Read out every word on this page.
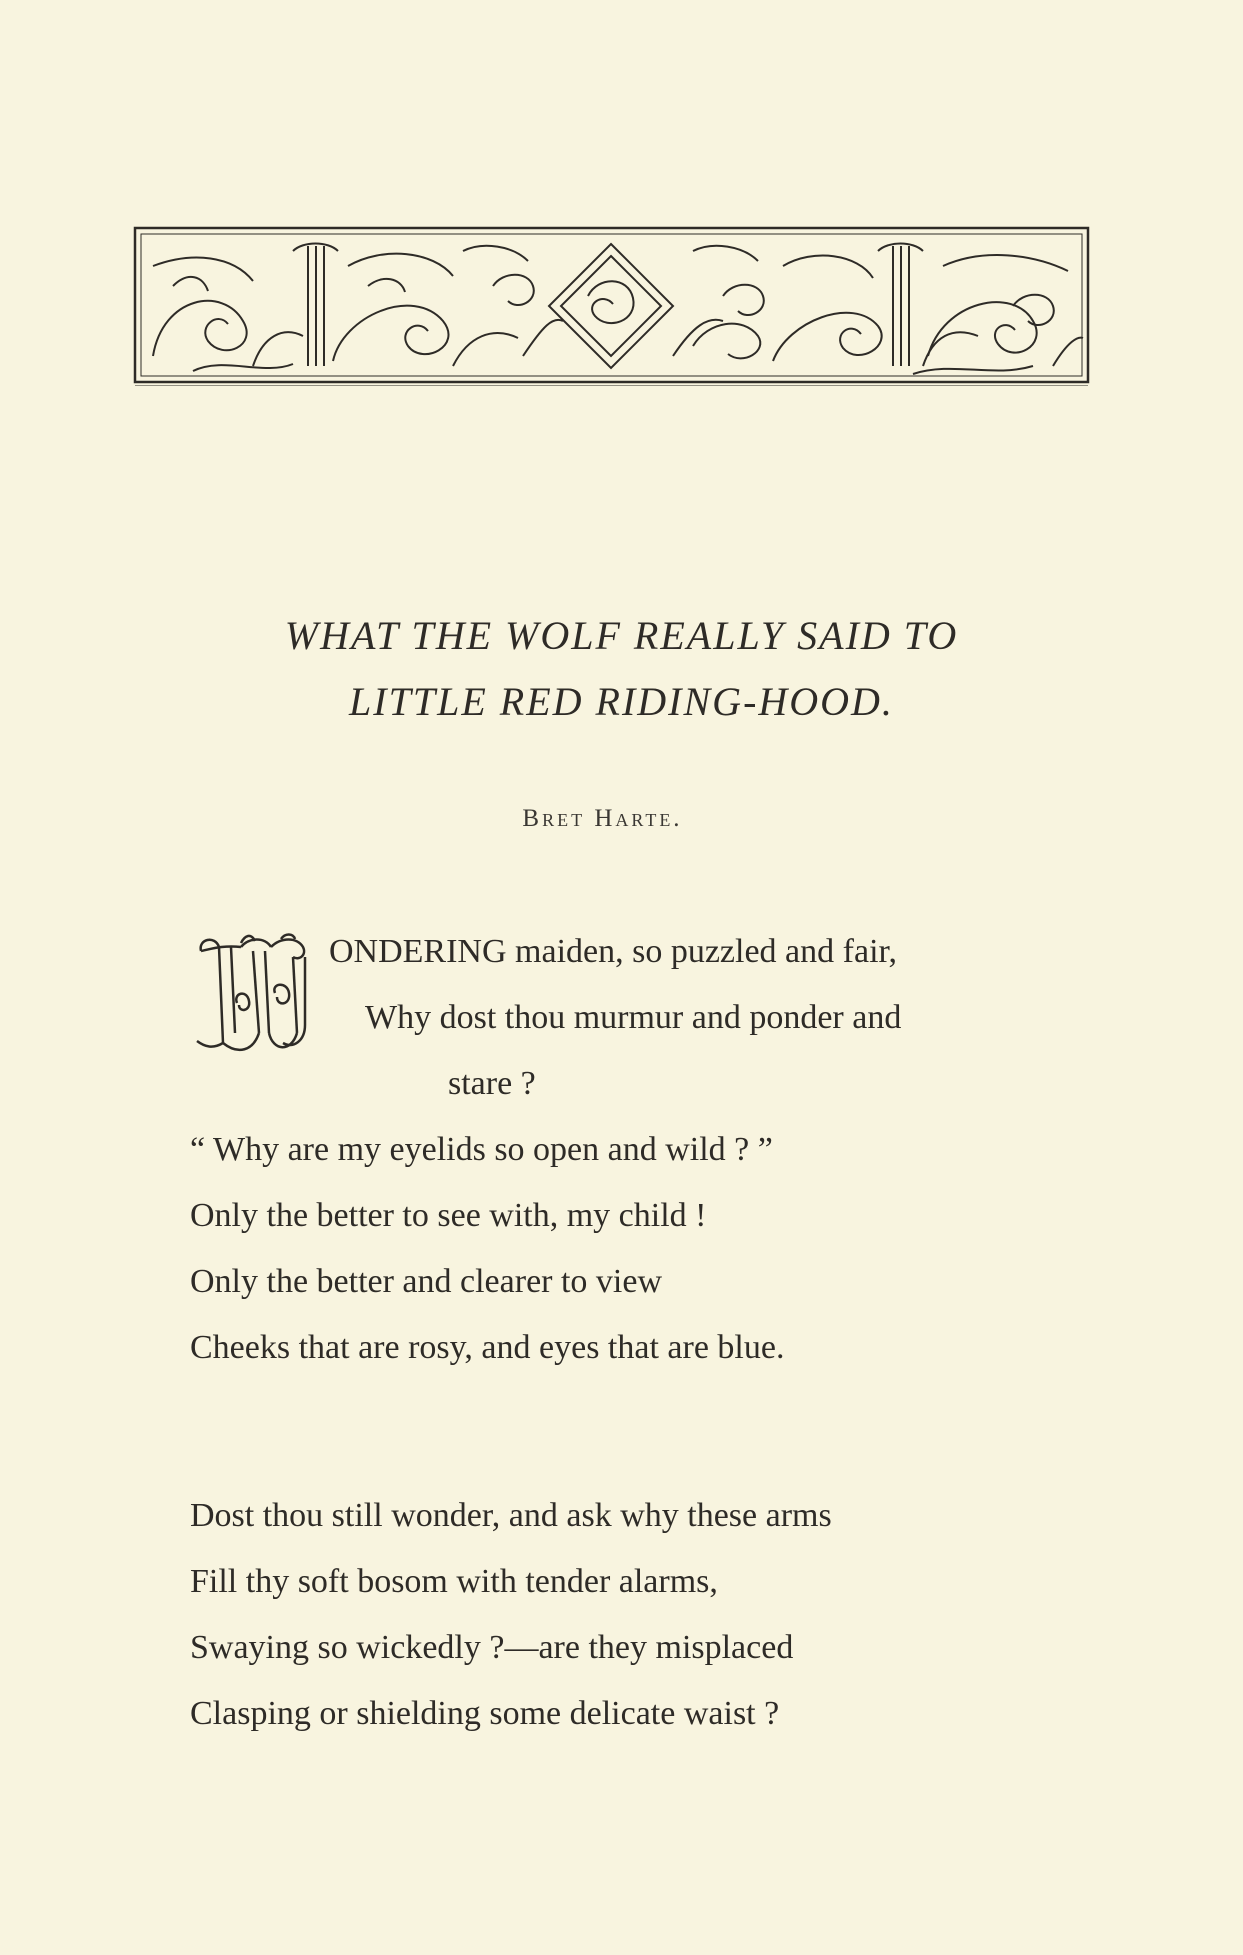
WHAT THE WOLF REALLY SAID TO
LITTLE RED RIDING-HOOD.
Bret Harte.
ONDERING maiden, so puzzled and fair,
Why dost thou murmur and ponder and
stare ?
“ Why are my eyelids so open and wild ? ”
Only the better to see with, my child !
Only the better and clearer to view
Cheeks that are rosy, and eyes that are blue.
Dost thou still wonder, and ask why these arms
Fill thy soft bosom with tender alarms,
Swaying so wickedly ?—are they misplaced
Clasping or shielding some delicate waist ?
